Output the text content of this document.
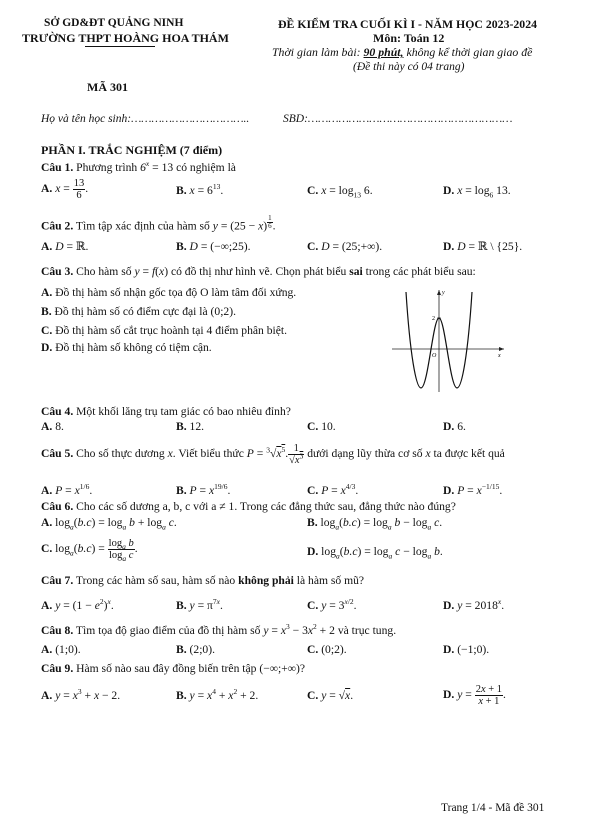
SỞ GD&ĐT QUẢNG NINH
TRƯỜNG THPT HOÀNG HOA THÁM
ĐỀ KIỂM TRA CUỐI KÌ I - NĂM HỌC 2023-2024
Môn: Toán 12
Thời gian làm bài: 90 phút, không kể thời gian giao đề
(Đề thi này có 04 trang)
MÃ 301
Họ và tên học sinh:……………………………..	SBD:……………………………………………………
PHẦN I. TRẮC NGHIỆM (7 điểm)
Câu 1. Phương trình $6^x = 13$ có nghiệm là
A. $x = \frac{13}{6}$ .	B. $x = 6^{13}$.	C. $x = \log_{13} 6$.	D. $x = \log_6 13$.
Câu 2. Tìm tập xác định của hàm số y = (25 − x) $^{\frac{1}{6}}$ .
A. D = ℝ.	B. D = (−∞;25).	C. D = (25;+∞).	D. D = ℝ \ {25}.
Câu 3. Cho hàm số y = f(x) có đồ thị như hình vẽ. Chọn phát biểu sai trong các phát biểu sau:
A. Đồ thị hàm số nhận gốc tọa độ O làm tâm đối xứng.
B. Đồ thị hàm số có điểm cực đại là (0;2).
C. Đồ thị hàm số cắt trục hoành tại 4 điểm phân biệt.
D. Đồ thị hàm số không có tiệm cận.
y
x
O
2
Câu 4. Một khối lăng trụ tam giác có bao nhiêu đỉnh?
A. 8.	B. 12.	C. 10.	D. 6.
Câu 5. Cho số thực dương x. Viết biểu thức $P = ^3√x^5$. $\frac{1}{√x^3}$ dưới dạng lũy thừa cơ số x ta được kết quả
A. $P = x^{1/6}$.	B. $P = x^{19/6}$.	C. $P = x^{4/3}$.	D. $P = x^{-1/15}$.
Câu 6. Cho các số dương a, b, c với a ≠ 1. Trong các đẳng thức sau, đẳng thức nào đúng?
A. $\log_a(b.c) = \log_a b + \log_a c$.	B. $\log_a(b.c) = \log_a b - \log_a c$.
C. $\log_a(b.c) = \frac{\log_a b}{\log_a c}$ .	D. $\log_a(b.c) = \log_a c - \log_a b$.
Câu 7. Trong các hàm số sau, hàm số nào không phải là hàm số mũ?
A. $y = (1 - e^2)^x$.	B. $y = \pi^{7x}$.	C. $y = 3^{x/2}$.	D. $y = 2018^x$.
Câu 8. Tìm tọa độ giao điểm của đồ thị hàm số $y = x^3 - 3x^2 + 2$ và trục tung.
A. (1;0).	B. (2;0).	C. (0;2).	D. (−1;0).
Câu 9. Hàm số nào sau đây đồng biến trên tập (−∞;+∞)?
A. $y = x^3 + x - 2$.	B. $y = x^4 + x^2 + 2$.	C. y = √x.	D. $y = \frac{2x + 1}{x + 1}$ .
Trang 1/4 - Mã đề 301
